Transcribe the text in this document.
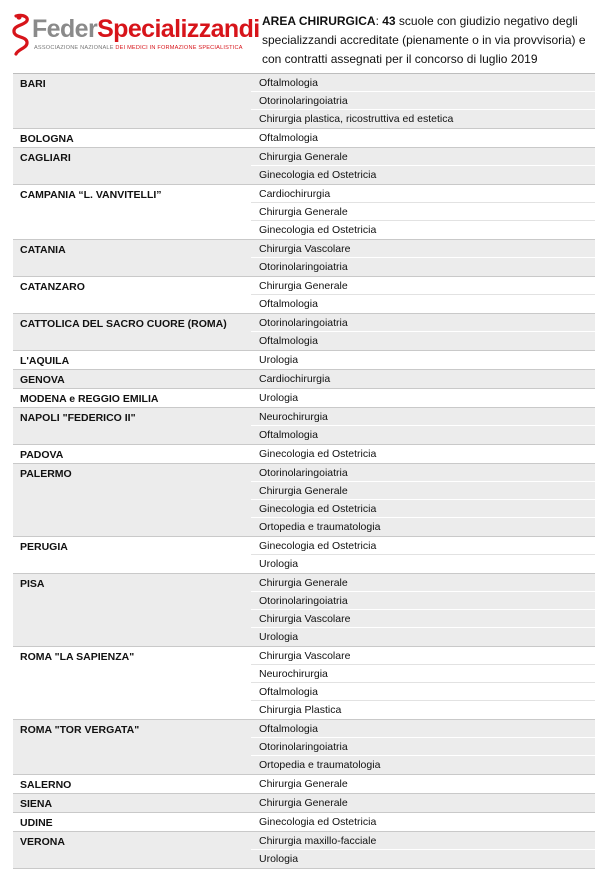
FederSpecializzandi
ASSOCIAZIONE NAZIONALE DEI MEDICI IN FORMAZIONE SPECIALISTICA
AREA CHIRURGICA: 43 scuole con giudizio negativo degli specializzandi accreditate (pienamente o in via provvisoria) e con contratti assegnati per il concorso di luglio 2019
BARI	Oftalmologia
Otorinolaringoiatria
Chirurgia plastica, ricostruttiva ed estetica
BOLOGNA	Oftalmologia
CAGLIARI	Chirurgia Generale
Ginecologia ed Ostetricia
CAMPANIA “L. VANVITELLI”	Cardiochirurgia
Chirurgia Generale
Ginecologia ed Ostetricia
CATANIA	Chirurgia Vascolare
Otorinolaringoiatria
CATANZARO	Chirurgia Generale
Oftalmologia
CATTOLICA DEL SACRO CUORE (ROMA)	Otorinolaringoiatria
Oftalmologia
L'AQUILA	Urologia
GENOVA	Cardiochirurgia
MODENA e REGGIO EMILIA	Urologia
NAPOLI "FEDERICO II"	Neurochirurgia
Oftalmologia
PADOVA	Ginecologia ed Ostetricia
PALERMO	Otorinolaringoiatria
Chirurgia Generale
Ginecologia ed Ostetricia
Ortopedia e traumatologia
PERUGIA	Ginecologia ed Ostetricia
Urologia
PISA	Chirurgia Generale
Otorinolaringoiatria
Chirurgia Vascolare
Urologia
ROMA "LA SAPIENZA"	Chirurgia Vascolare
Neurochirurgia
Oftalmologia
Chirurgia Plastica
ROMA "TOR VERGATA"	Oftalmologia
Otorinolaringoiatria
Ortopedia e traumatologia
SALERNO	Chirurgia Generale
SIENA	Chirurgia Generale
UDINE	Ginecologia ed Ostetricia
VERONA	Chirurgia maxillo-facciale
Urologia
